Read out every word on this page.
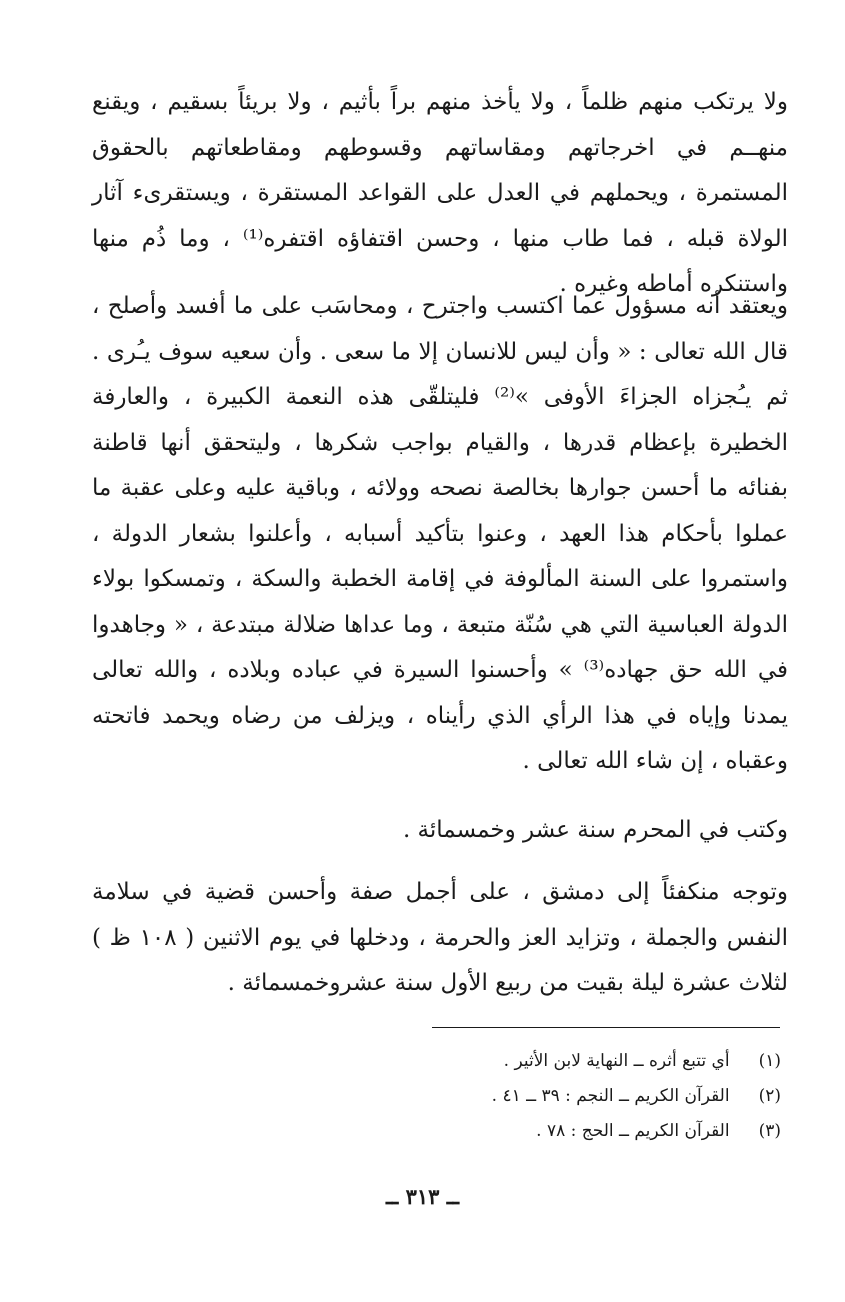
ولا يرتكب منهم ظلماً ، ولا يأخذ منهم براً بأثيم ، ولا بريئاً بسقيم ، ويقنع منهــم في اخرجاتهم ومقاساتهم وقسوطهم ومقاطعاتهم بالحقوق المستمرة ، ويحملهم في العدل على القواعد المستقرة ، ويستقرىء آثار الولاة قبله ، فما طاب منها ، وحسن اقتفاؤه اقتفره⁽¹⁾ ، وما ذُم منها واستنكره أماطه وغيره .

ويعتقد أنه مسؤول عما اكتسب واجترح ، ومحاسَب على ما أفسد وأصلح ، قال الله تعالى : « وأن ليس للانسان إلا ما سعى . وأن سعيه سوف يـُرى . ثم يـُجزاه الجزاءَ الأوفى »⁽²⁾ فليتلقّى هذه النعمة الكبيرة ، والعارفة الخطيرة بإعظام قدرها ، والقيام بواجب شكرها ، وليتحقق أنها قاطنة بفنائه ما أحسن جوارها بخالصة نصحه وولائه ، وباقية عليه وعلى عقبة ما عملوا بأحكام هذا العهد ، وعنوا بتأكيد أسبابه ، وأعلنوا بشعار الدولة ، واستمروا على السنة المألوفة في إقامة الخطبة والسكة ، وتمسكوا بولاء الدولة العباسية التي هي سُنّة متبعة ، وما عداها ضلالة مبتدعة ، « وجاهدوا في الله حق جهاده⁽³⁾ » وأحسنوا السيرة في عباده وبلاده ، والله تعالى يمدنا وإياه في هذا الرأي الذي رأيناه ، ويزلف من رضاه ويحمد فاتحته وعقباه ، إن شاء الله تعالى .

وكتب في المحرم سنة عشر وخمسمائة .

وتوجه منكفئاً إلى دمشق ، على أجمل صفة وأحسن قضية في سلامة النفس والجملة ، وتزايد العز والحرمة ، ودخلها في يوم الاثنين ( ١٠٨ ظ ) لثلاث عشرة ليلة بقيت من ربيع الأول سنة عشروخمسمائة .

(١) أي تتبع أثره ــ النهاية لابن الأثير .
(٢) القرآن الكريم ــ النجم : ٣٩ ــ ٤١ .
(٣) القرآن الكريم ــ الحج : ٧٨ .
ــ ٣١٣ ــ
